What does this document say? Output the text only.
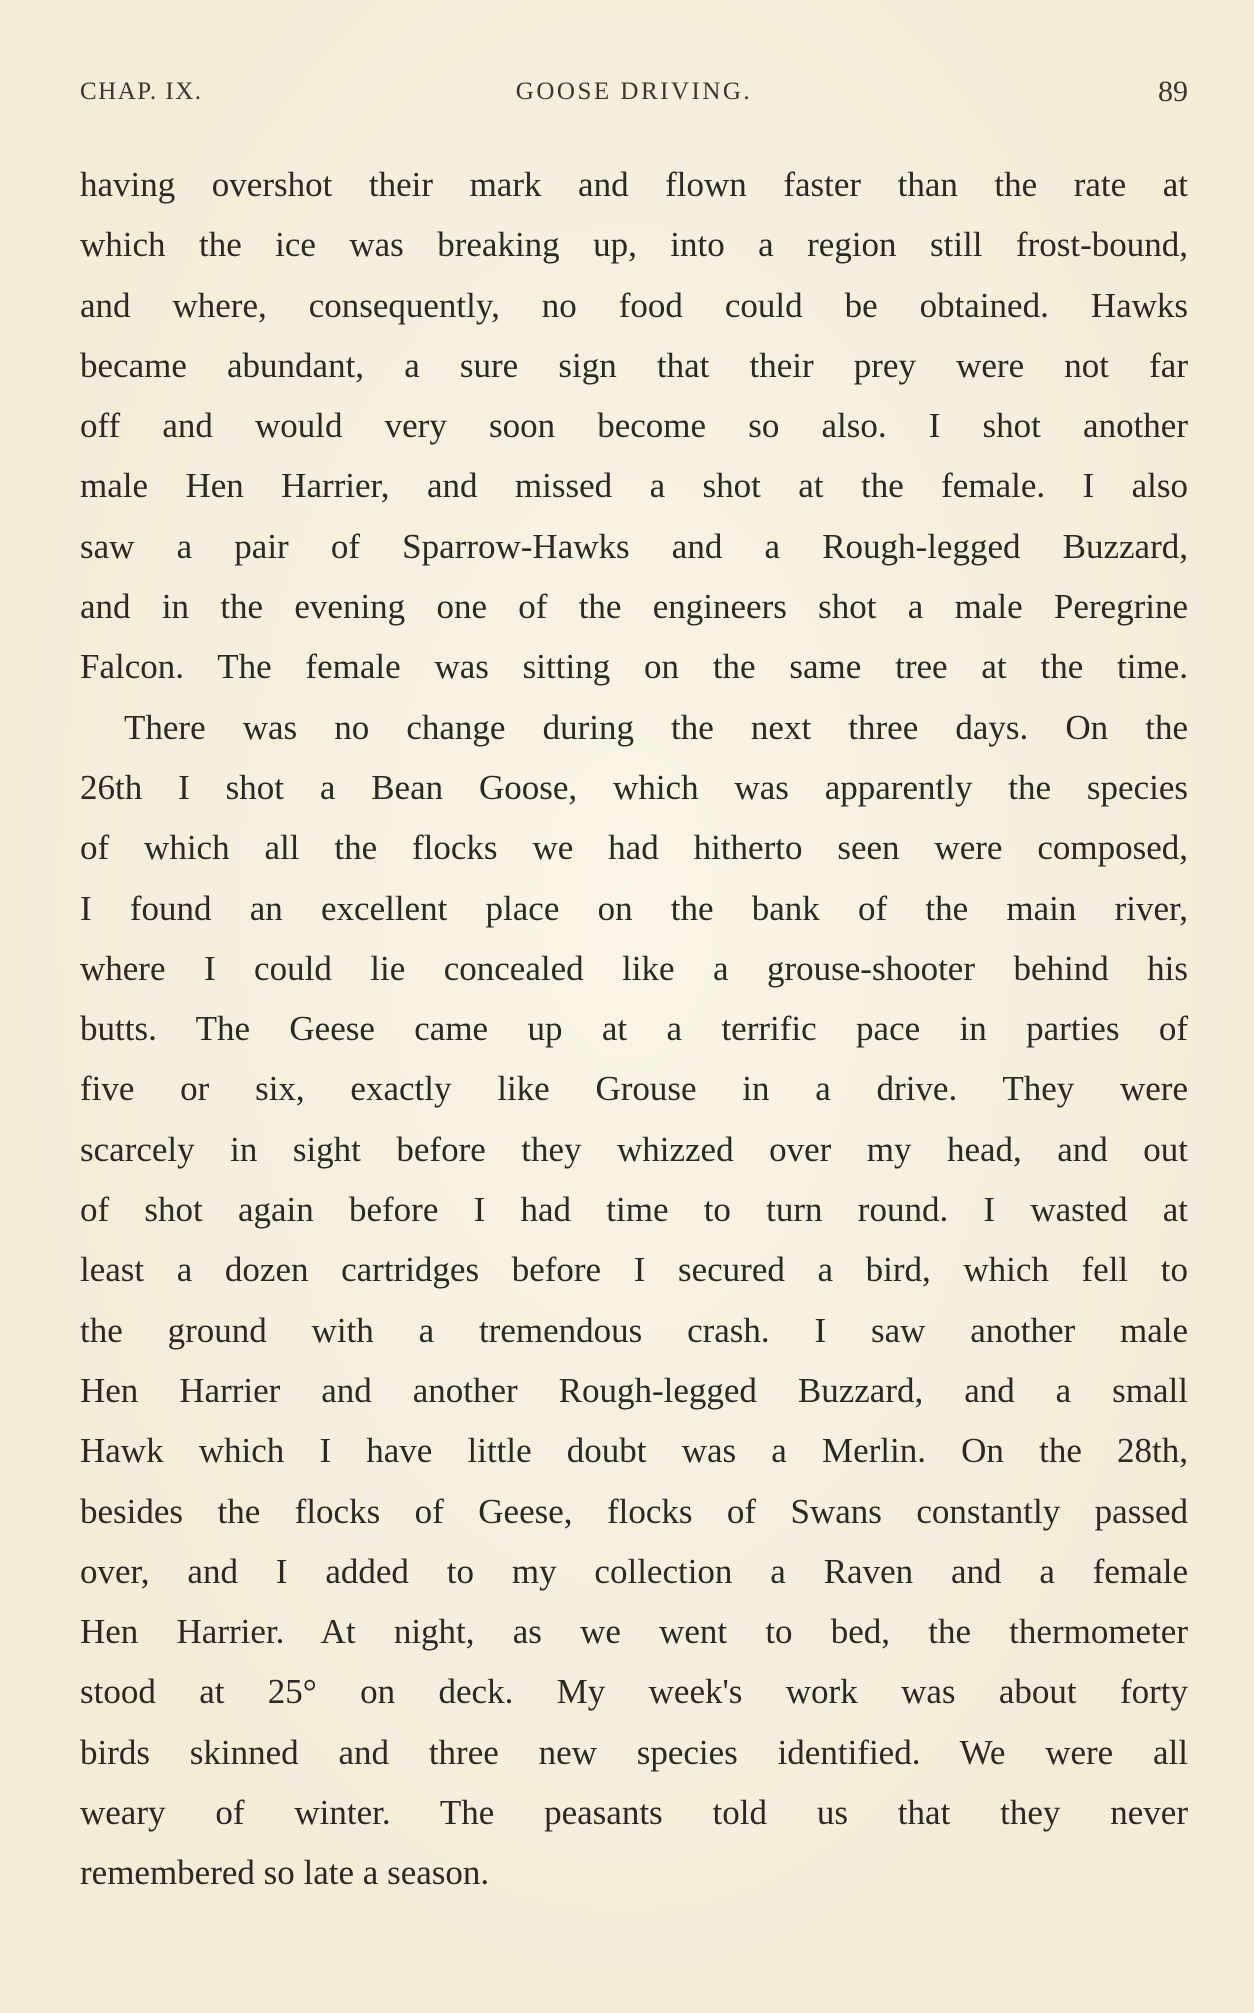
CHAP. IX.	GOOSE DRIVING.	89
having overshot their mark and flown faster than the rate at
which the ice was breaking up, into a region still frost-bound,
and where, consequently, no food could be obtained. Hawks
became abundant, a sure sign that their prey were not far
off and would very soon become so also. I shot another
male Hen Harrier, and missed a shot at the female. I also
saw a pair of Sparrow-Hawks and a Rough-legged Buzzard,
and in the evening one of the engineers shot a male Peregrine
Falcon. The female was sitting on the same tree at the time.
There was no change during the next three days. On the
26th I shot a Bean Goose, which was apparently the species
of which all the flocks we had hitherto seen were composed,
I found an excellent place on the bank of the main river,
where I could lie concealed like a grouse-shooter behind his
butts. The Geese came up at a terrific pace in parties of
five or six, exactly like Grouse in a drive. They were
scarcely in sight before they whizzed over my head, and out
of shot again before I had time to turn round. I wasted at
least a dozen cartridges before I secured a bird, which fell to
the ground with a tremendous crash. I saw another male
Hen Harrier and another Rough-legged Buzzard, and a small
Hawk which I have little doubt was a Merlin. On the 28th,
besides the flocks of Geese, flocks of Swans constantly passed
over, and I added to my collection a Raven and a female
Hen Harrier. At night, as we went to bed, the thermometer
stood at 25° on deck. My week's work was about forty
birds skinned and three new species identified. We were all
weary of winter. The peasants told us that they never
remembered so late a season.
